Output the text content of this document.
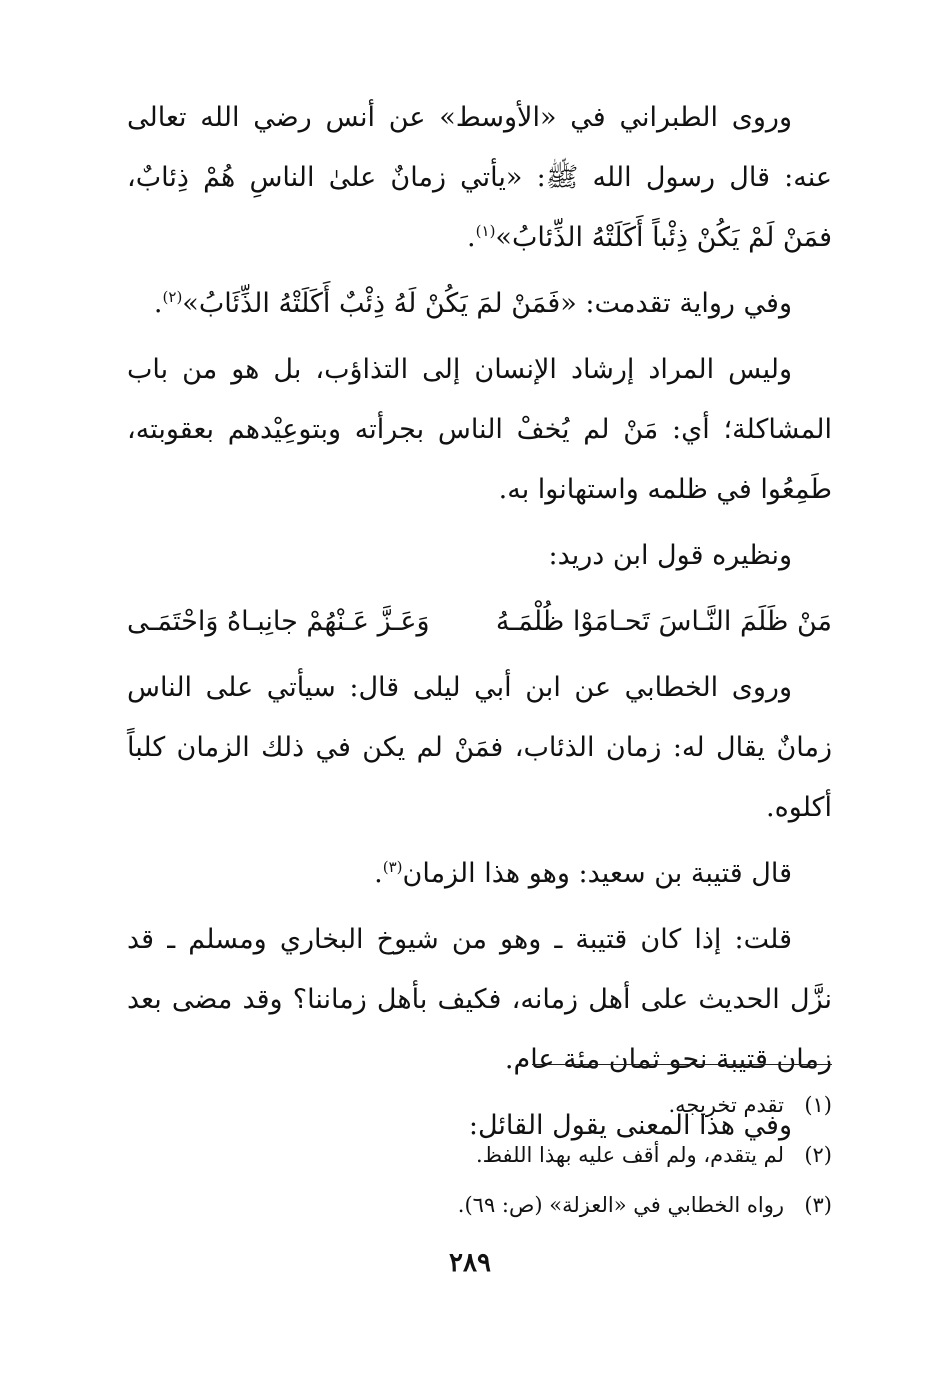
وروى الطبراني في «الأوسط» عن أنس رضي الله تعالى عنه: قال رسول الله ﷺ: «يأتي زمانٌ علىٰ الناسِ هُمْ ذِئابٌ، فمَنْ لَمْ يَكُنْ ذِئْباً أَكَلَتْهُ الذِّئابُ»$^{(١)}$.

وفي رواية تقدمت: «فَمَنْ لمَ يَكُنْ لَهُ ذِئْبٌ أَكَلَتْهُ الذِّئَابُ»$^{(٢)}$.

وليس المراد إرشاد الإنسان إلى التذاؤب، بل هو من باب المشاكلة؛ أي: مَنْ لم يُخفْ الناس بجرأته وبتوعِيْدهم بعقوبته، طَمِعُوا في ظلمه واستهانوا به.

ونظيره قول ابن دريد:

مَنْ ظَلَمَ النَّـاسَ تَحـامَوْا ظُلْمَـهُ
وَعَـزَّ عَـنْهُمْ جانِبـاهُ وَاحْتَمَـى

وروى الخطابي عن ابن أبي ليلى قال: سيأتي على الناس زمانٌ يقال له: زمان الذئاب، فمَنْ لم يكن في ذلك الزمان كلباً أكلوه.

قال قتيبة بن سعيد: وهو هذا الزمان$^{(٣)}$.

قلت: إذا كان قتيبة ـ وهو من شيوخ البخاري ومسلم ـ قد نزَّل الحديث على أهل زمانه، فكيف بأهل زماننا؟ وقد مضى بعد زمان قتيبة نحو ثمان مئة عام.

وفي هذا المعنى يقول القائل:

(١)
تقدم تخريجه.
(٢)
لم يتقدم، ولم أقف عليه بهذا اللفظ.
(٣)
رواه الخطابي في «العزلة» (ص: ٦٩).
٢٨٩
